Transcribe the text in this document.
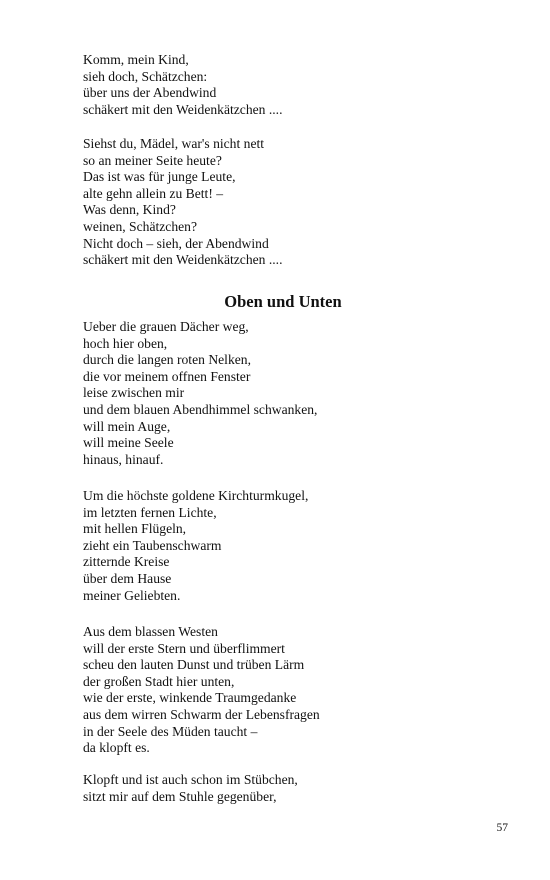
Komm, mein Kind,
sieh doch, Schätzchen:
über uns der Abendwind
schäkert mit den Weidenkätzchen ....
Siehst du, Mädel, war's nicht nett
so an meiner Seite heute?
Das ist was für junge Leute,
alte gehn allein zu Bett! –
Was denn, Kind?
weinen, Schätzchen?
Nicht doch – sieh, der Abendwind
schäkert mit den Weidenkätzchen ....
Oben und Unten
Ueber die grauen Dächer weg,
hoch hier oben,
durch die langen roten Nelken,
die vor meinem offnen Fenster
leise zwischen mir
und dem blauen Abendhimmel schwanken,
will mein Auge,
will meine Seele
hinaus, hinauf.
Um die höchste goldene Kirchturmkugel,
im letzten fernen Lichte,
mit hellen Flügeln,
zieht ein Taubenschwarm
zitternde Kreise
über dem Hause
meiner Geliebten.
Aus dem blassen Westen
will der erste Stern und überflimmert
scheu den lauten Dunst und trüben Lärm
der großen Stadt hier unten,
wie der erste, winkende Traumgedanke
aus dem wirren Schwarm der Lebensfragen
in der Seele des Müden taucht –
da klopft es.
Klopft und ist auch schon im Stübchen,
sitzt mir auf dem Stuhle gegenüber,
57
